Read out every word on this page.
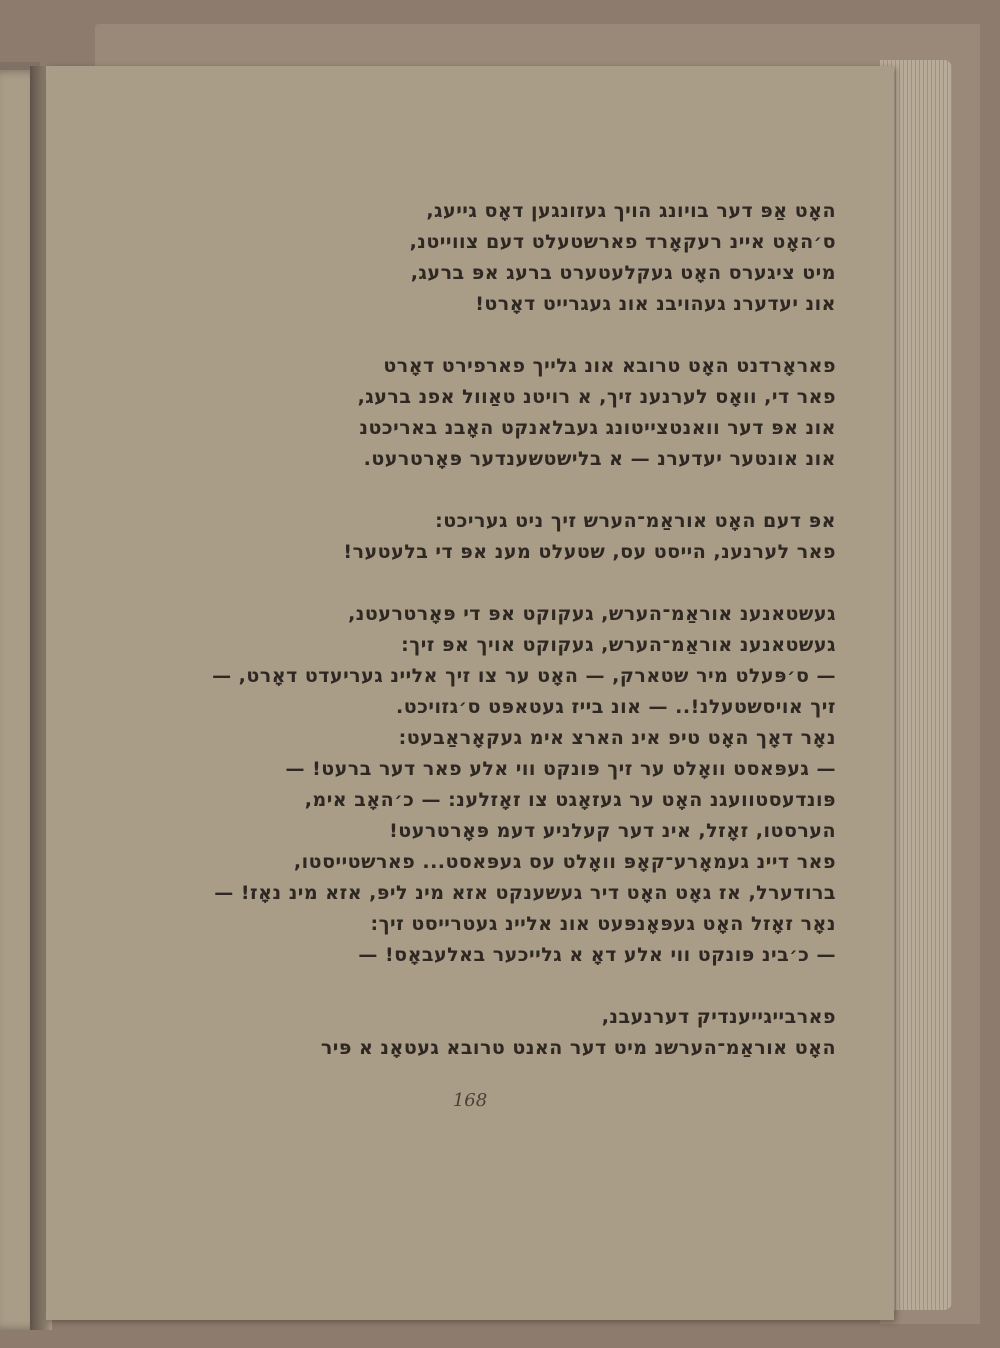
האָט אַפּ דער בויונג הויך געזונגען דאָס גייעג,
ס׳האָט איינ רעקאָרד פארשטעלט דעם צווייטנ,
מיט ציגערס האָט געקלעטערט ברעג אפּ ברעג,
אונ יעדערנ געהויבנ אונ געגרייט דאָרט!
פאראָרדנט האָט טרובא אונ גלייך פארפירט דאָרט
פאר די, וואָס לערנענ זיך, א רויטנ טאַוול אפנ ברעג,
אונ אפּ דער וואנטצייטונג געבלאנקט האָבנ באריכטנ
אונ אונטער יעדערנ — א בלישטשענדער פּאָרטרעט.
אפּ דעם האָט אוראַמ־הערש זיך ניט געריכט:
פאר לערנענ, הייסט עס, שטעלט מענ אפּ די בלעטער!
געשטאנענ אוראַמ־הערש, געקוקט אפּ די פּאָרטרעטנ,
געשטאנענ אוראַמ־הערש, געקוקט אויך אפּ זיך:
— ס׳פּעלט מיר שטארק, — האָט ער צו זיך אליינ געריעדט דאָרט, —
זיך אויסשטעלנ!.. — אונ בייז געטאפּט ס׳גזויכט.
נאָר דאָך האָט טיפ אינ הארצ אימ געקאָראַבעט:
— געפּאסט וואָלט ער זיך פּונקט ווי אלע פאר דער ברעט! —
פּונדעסטוועגנ האָט ער געזאָגט צו זאָזלענ: — כ׳האָב אימ,
הערסטו, זאָזל, אינ דער קעלניע דעמ פּאָרטרעט!
פאר דיינ געמאָרע־קאָפּ וואָלט עס געפּאסט... פארשטייסטו,
ברודערל, אז גאָט האָט דיר געשענקט אזא מינ ליפּ, אזא מינ נאָז! —
נאָר זאָזל האָט געפּאָנפּעט אונ אליינ געטרייסט זיך:
— כ׳בינ פּונקט ווי אלע דאָ א גלייכער באלעבאָס! —
פארבייגייענדיק דערנעבנ,
האָט אוראַמ־הערשנ מיט דער האנט טרובא געטאָנ א פּיר
168
